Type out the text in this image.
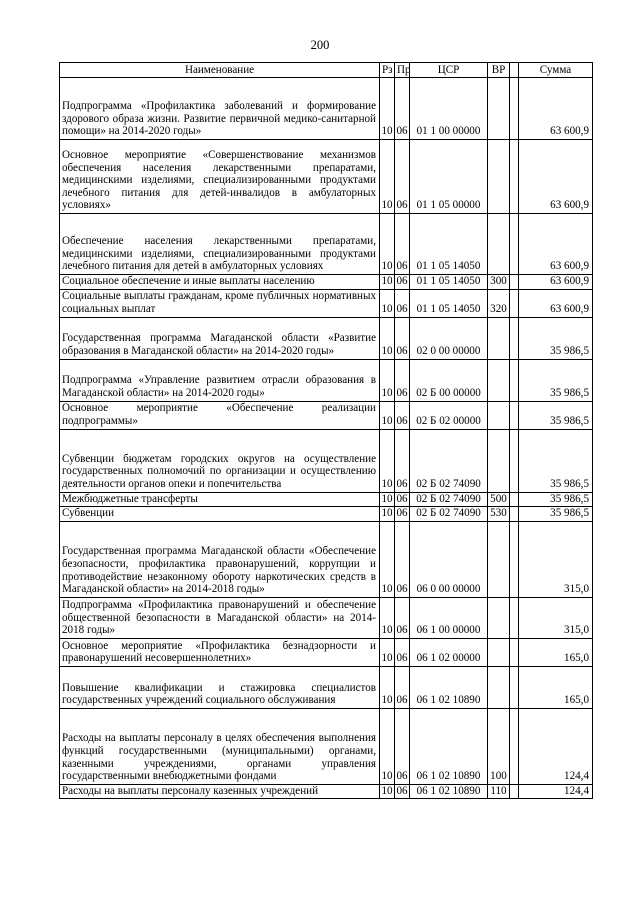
200
Наименование	Рз	Пр	ЦСР	ВР		Сумма
Подпрограмма «Профилактика заболеваний и формирование здорового образа жизни. Развитие первичной медико-санитарной помощи» на 2014-2020 годы»	10	06	01 1 00 00000			63 600,9
Основное мероприятие «Совершенствование механизмов обеспечения населения лекарственными препаратами, медицинскими изделиями, специализированными продуктами лечебного питания для детей-инвалидов в амбулаторных условиях»	10	06	01 1 05 00000			63 600,9
Обеспечение населения лекарственными препаратами, медицинскими изделиями, специализированными продуктами лечебного питания для детей в амбулаторных условиях	10	06	01 1 05 14050			63 600,9
Социальное обеспечение и иные выплаты населению	10	06	01 1 05 14050	300		63 600,9
Социальные выплаты гражданам, кроме публичных нормативных социальных выплат	10	06	01 1 05 14050	320		63 600,9
Государственная программа Магаданской области «Развитие образования в Магаданской области» на 2014-2020 годы»	10	06	02 0 00 00000			35 986,5
Подпрограмма «Управление развитием отрасли образования в Магаданской области» на 2014-2020 годы»	10	06	02 Б 00 00000			35 986,5
Основное мероприятие «Обеспечение реализации подпрограммы»	10	06	02 Б 02 00000			35 986,5
Субвенции бюджетам городских округов на осуществление государственных полномочий по организации и осуществлению деятельности органов опеки и попечительства	10	06	02 Б 02 74090			35 986,5
Межбюджетные трансферты	10	06	02 Б 02 74090	500		35 986,5
Субвенции	10	06	02 Б 02 74090	530		35 986,5
Государственная программа Магаданской области «Обеспечение безопасности, профилактика правонарушений, коррупции и противодействие незаконному обороту наркотических средств в Магаданской области» на 2014-2018 годы»	10	06	06 0 00 00000			315,0
Подпрограмма «Профилактика правонарушений и обеспечение общественной безопасности в Магаданской области» на 2014-2018 годы»	10	06	06 1 00 00000			315,0
Основное мероприятие «Профилактика безнадзорности и правонарушений несовершеннолетних»	10	06	06 1 02 00000			165,0
Повышение квалификации и стажировка специалистов государственных учреждений социального обслуживания	10	06	06 1 02 10890			165,0
Расходы на выплаты персоналу в целях обеспечения выполнения функций государственными (муниципальными) органами, казенными учреждениями, органами управления государственными внебюджетными фондами	10	06	06 1 02 10890	100		124,4
Расходы на выплаты персоналу казенных учреждений	10	06	06 1 02 10890	110		124,4
